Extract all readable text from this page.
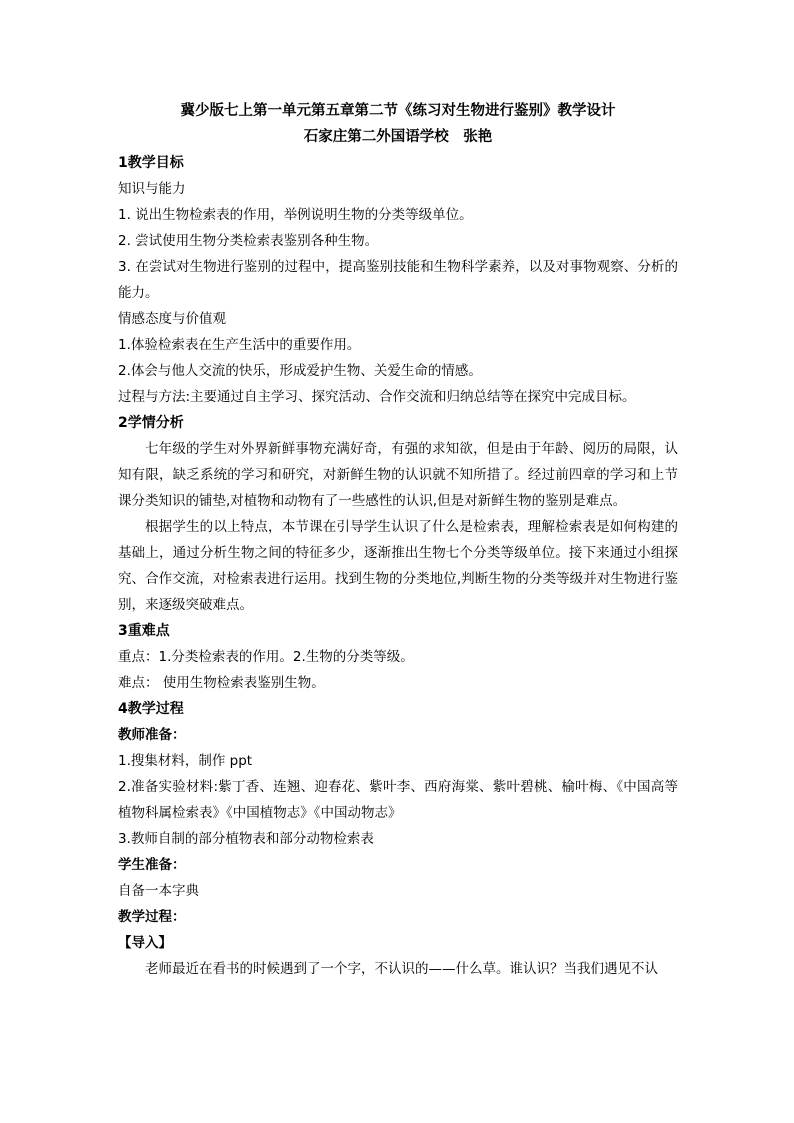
冀少版七上第一单元第五章第二节《练习对生物进行鉴别》教学设计
石家庄第二外国语学校　张艳
1教学目标
知识与能力
1. 说出生物检索表的作用，举例说明生物的分类等级单位。
2. 尝试使用生物分类检索表鉴别各种生物。
3. 在尝试对生物进行鉴别的过程中，提高鉴别技能和生物科学素养，以及对事物观察、分析的能力。
情感态度与价值观
1.体验检索表在生产生活中的重要作用。
2.体会与他人交流的快乐，形成爱护生物、关爱生命的情感。
过程与方法:主要通过自主学习、探究活动、合作交流和归纳总结等在探究中完成目标。
2学情分析
七年级的学生对外界新鲜事物充满好奇，有强的求知欲，但是由于年龄、阅历的局限，认知有限，缺乏系统的学习和研究，对新鲜生物的认识就不知所措了。经过前四章的学习和上节课分类知识的铺垫,对植物和动物有了一些感性的认识,但是对新鲜生物的鉴别是难点。
根据学生的以上特点，本节课在引导学生认识了什么是检索表，理解检索表是如何构建的基础上，通过分析生物之间的特征多少，逐渐推出生物七个分类等级单位。接下来通过小组探究、合作交流，对检索表进行运用。找到生物的分类地位,判断生物的分类等级并对生物进行鉴别，来逐级突破难点。
3重难点
重点：1.分类检索表的作用。2.生物的分类等级。
难点： 使用生物检索表鉴别生物。
4教学过程
教师准备：
1.搜集材料，制作 ppt
2.准备实验材料:紫丁香、连翘、迎春花、紫叶李、西府海棠、紫叶碧桃、榆叶梅、《中国高等植物科属检索表》《中国植物志》《中国动物志》
3.教师自制的部分植物表和部分动物检索表
学生准备：
自备一本字典
教学过程：
【导入】
老师最近在看书的时候遇到了一个字，不认识的——什么草。谁认识？当我们遇见不认
